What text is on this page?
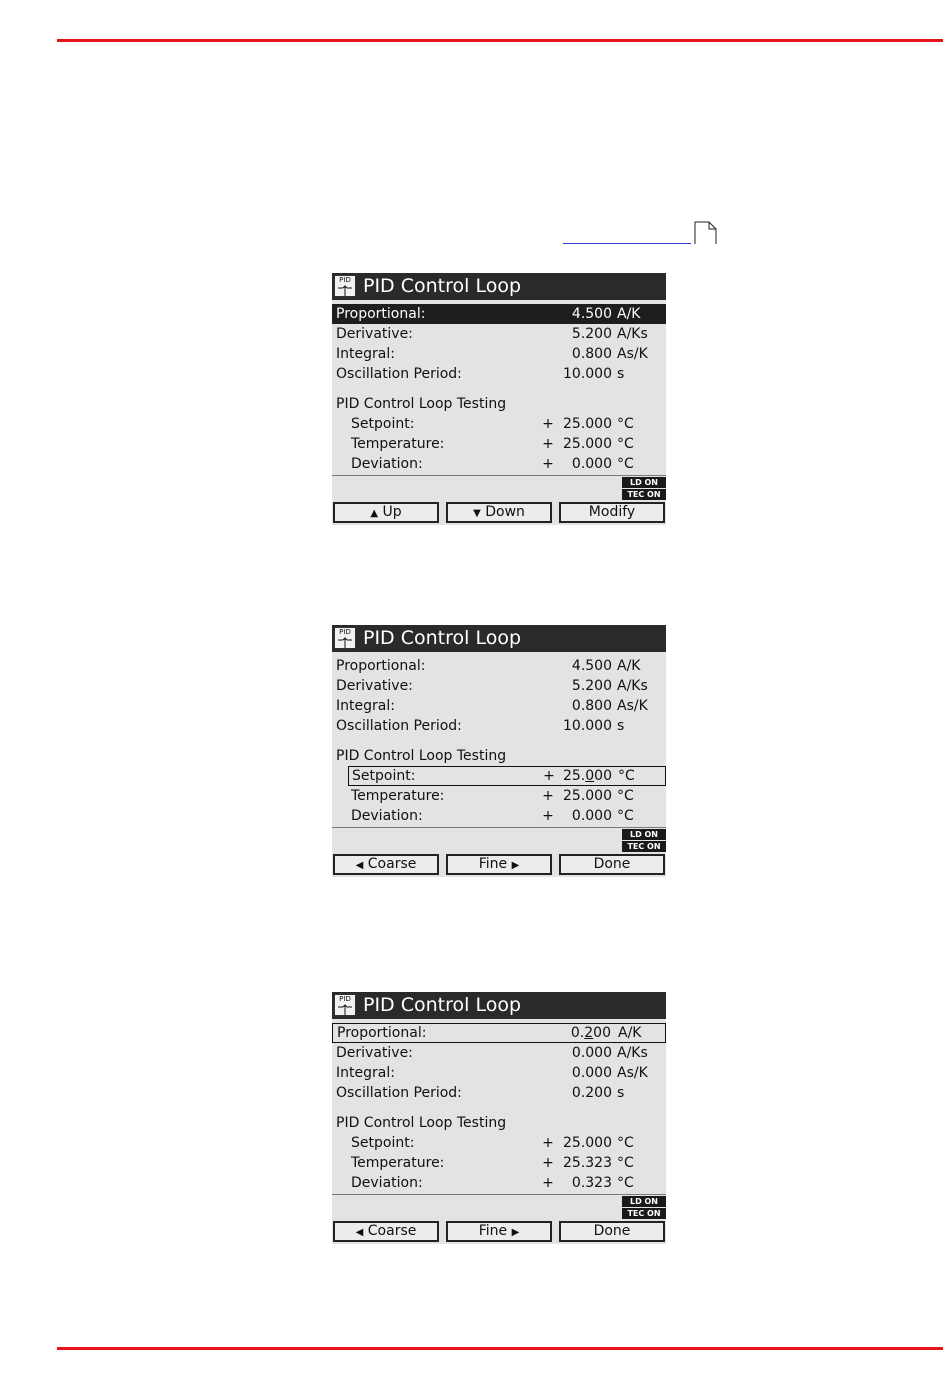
PID PID Control Loop
Proportional:	4.500 A/K
Derivative:	5.200 A/Ks
Integral:	0.800 As/K
Oscillation Period:	10.000 s
PID Control Loop Testing
Setpoint:	+ 25.000 °C
Temperature:	+ 25.000 °C
Deviation:	+ 0.000 °C
LD ON
TEC ON
▲ Up	▼ Down	Modify
PID PID Control Loop
Proportional:	4.500 A/K
Derivative:	5.200 A/Ks
Integral:	0.800 As/K
Oscillation Period:	10.000 s
PID Control Loop Testing
Setpoint:	+ 25.000 °C
Temperature:	+ 25.000 °C
Deviation:	+ 0.000 °C
LD ON
TEC ON
◀ Coarse	Fine ▶	Done
PID PID Control Loop
Proportional:	0.200 A/K
Derivative:	0.000 A/Ks
Integral:	0.000 As/K
Oscillation Period:	0.200 s
PID Control Loop Testing
Setpoint:	+ 25.000 °C
Temperature:	+ 25.323 °C
Deviation:	+ 0.323 °C
LD ON
TEC ON
◀ Coarse	Fine ▶	Done
